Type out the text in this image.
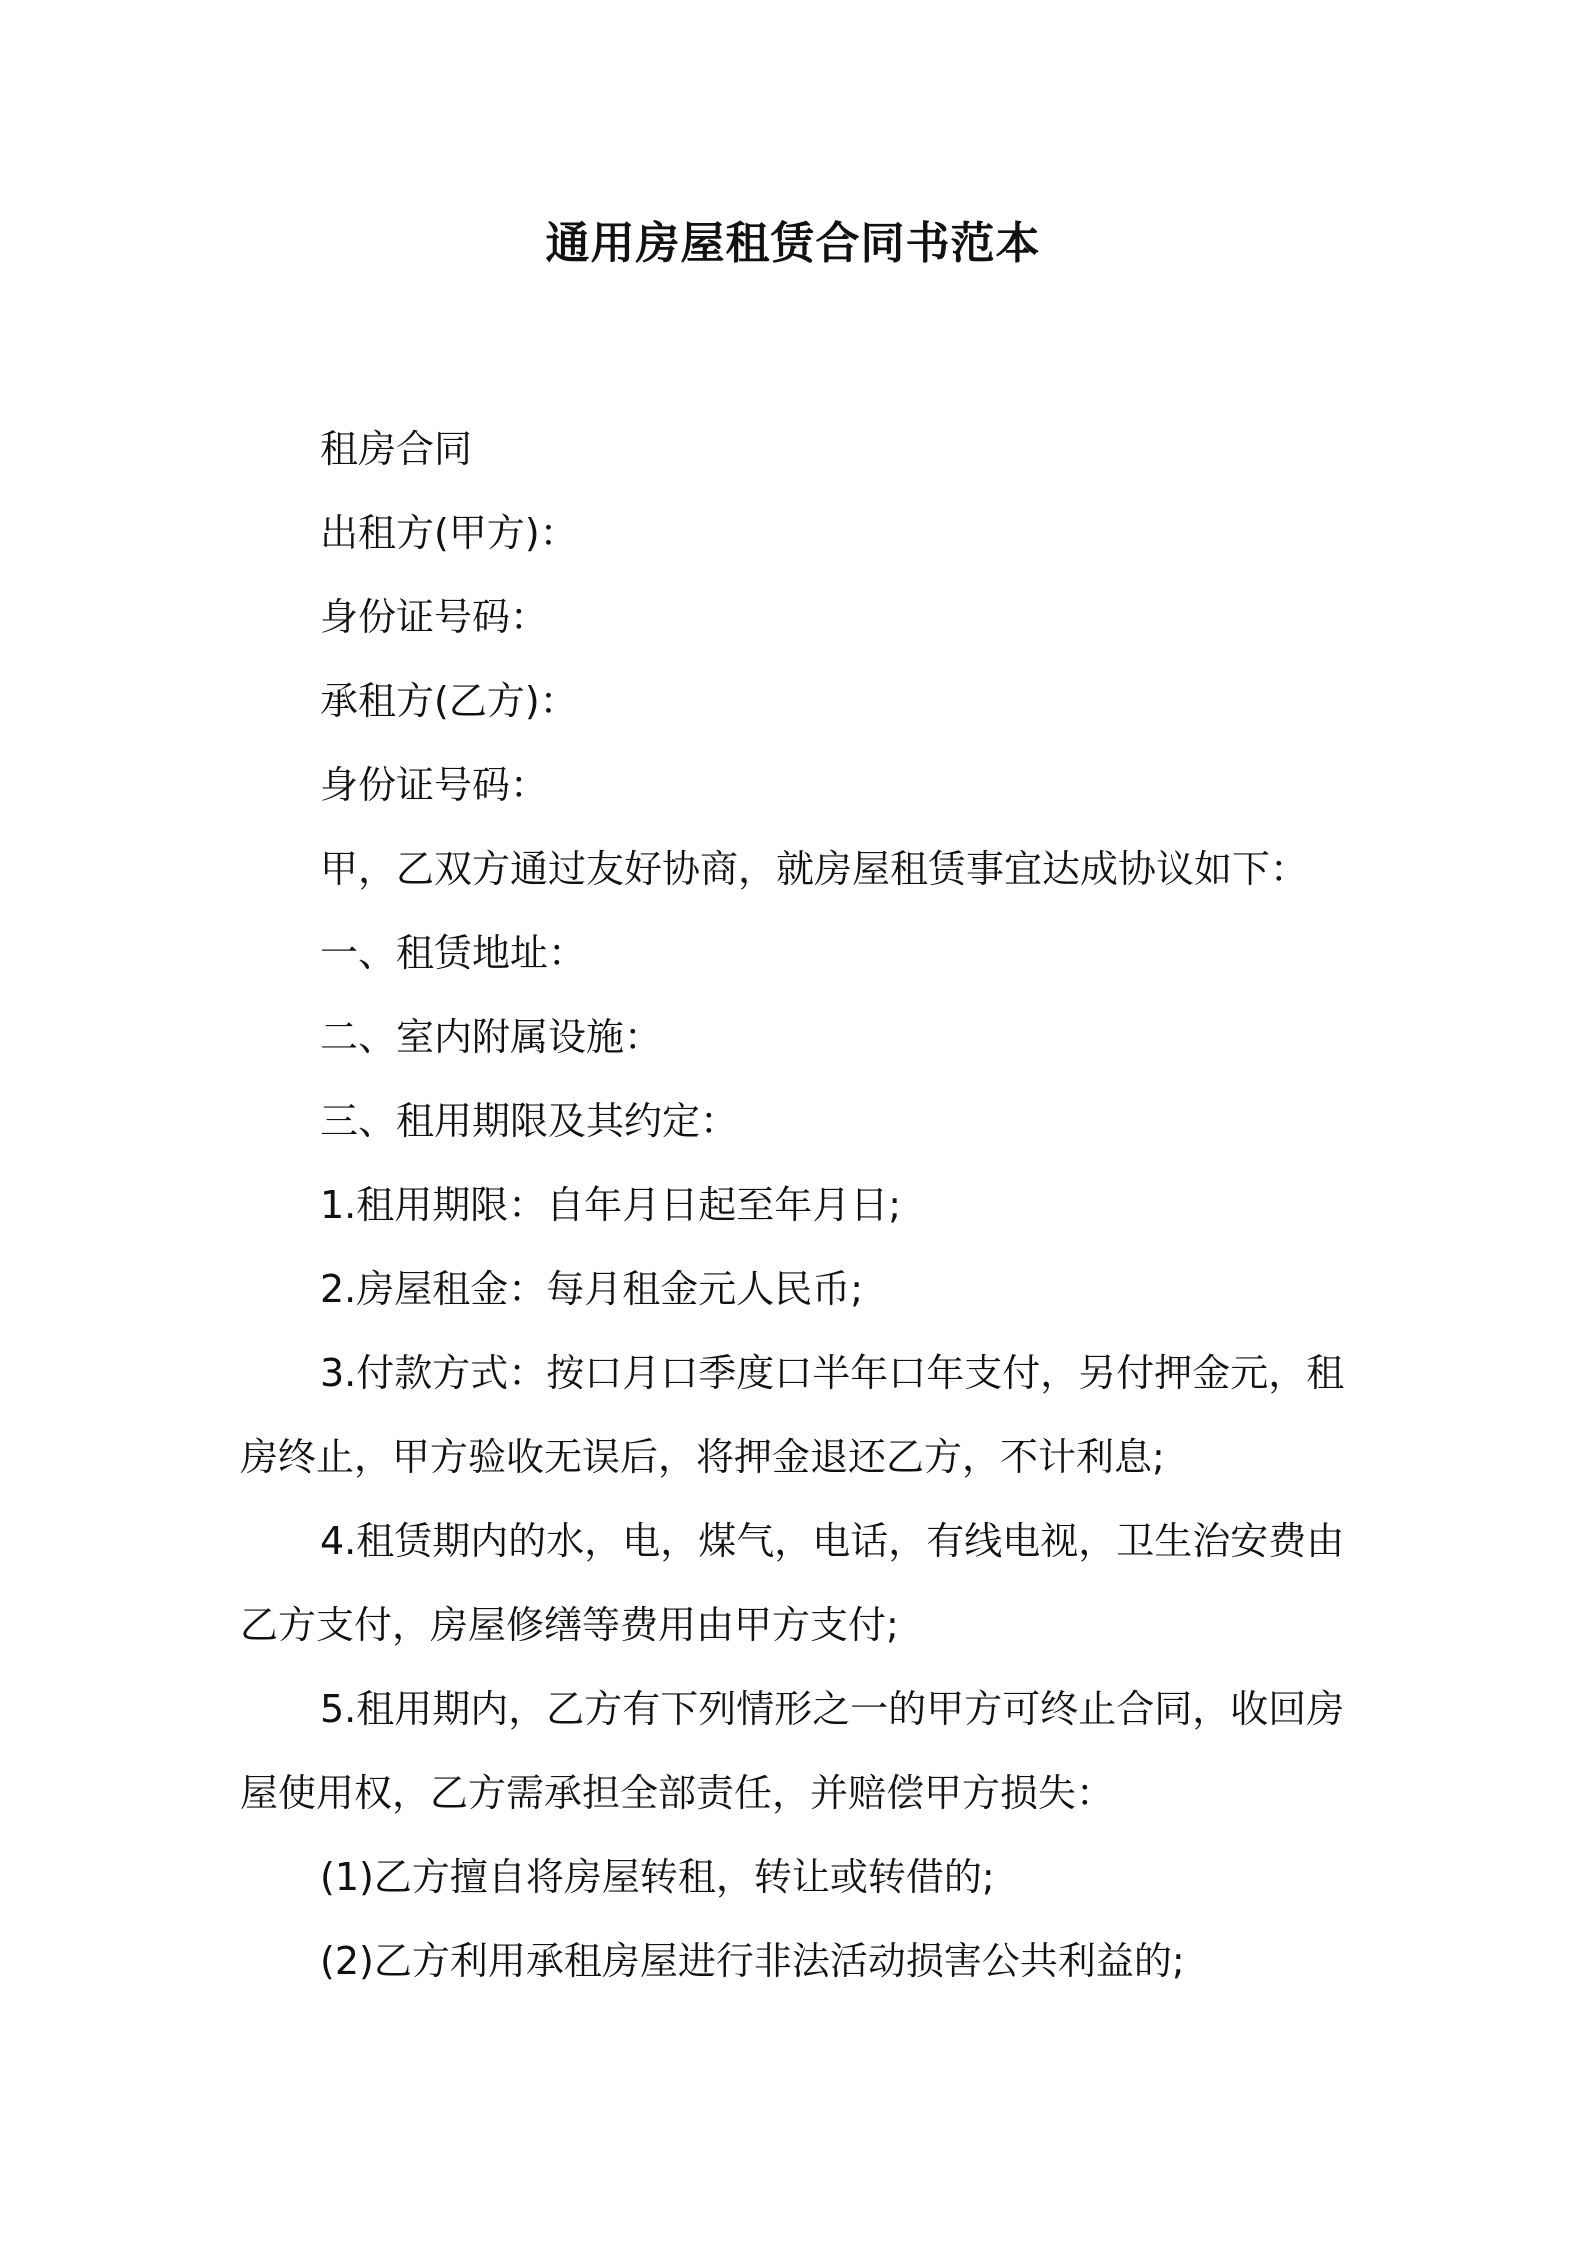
通用房屋租赁合同书范本

租房合同

出租方(甲方)：

身份证号码：

承租方(乙方)：

身份证号码：

甲，乙双方通过友好协商，就房屋租赁事宜达成协议如下：

一、租赁地址：

二、室内附属设施：

三、租用期限及其约定：

1.租用期限：自年月日起至年月日;

2.房屋租金：每月租金元人民币;

3.付款方式：按口月口季度口半年口年支付，另付押金元，租房终止，甲方验收无误后，将押金退还乙方，不计利息;

4.租赁期内的水，电，煤气，电话，有线电视，卫生治安费由乙方支付，房屋修缮等费用由甲方支付;

5.租用期内，乙方有下列情形之一的甲方可终止合同，收回房屋使用权，乙方需承担全部责任，并赔偿甲方损失：

(1)乙方擅自将房屋转租，转让或转借的;

(2)乙方利用承租房屋进行非法活动损害公共利益的;
